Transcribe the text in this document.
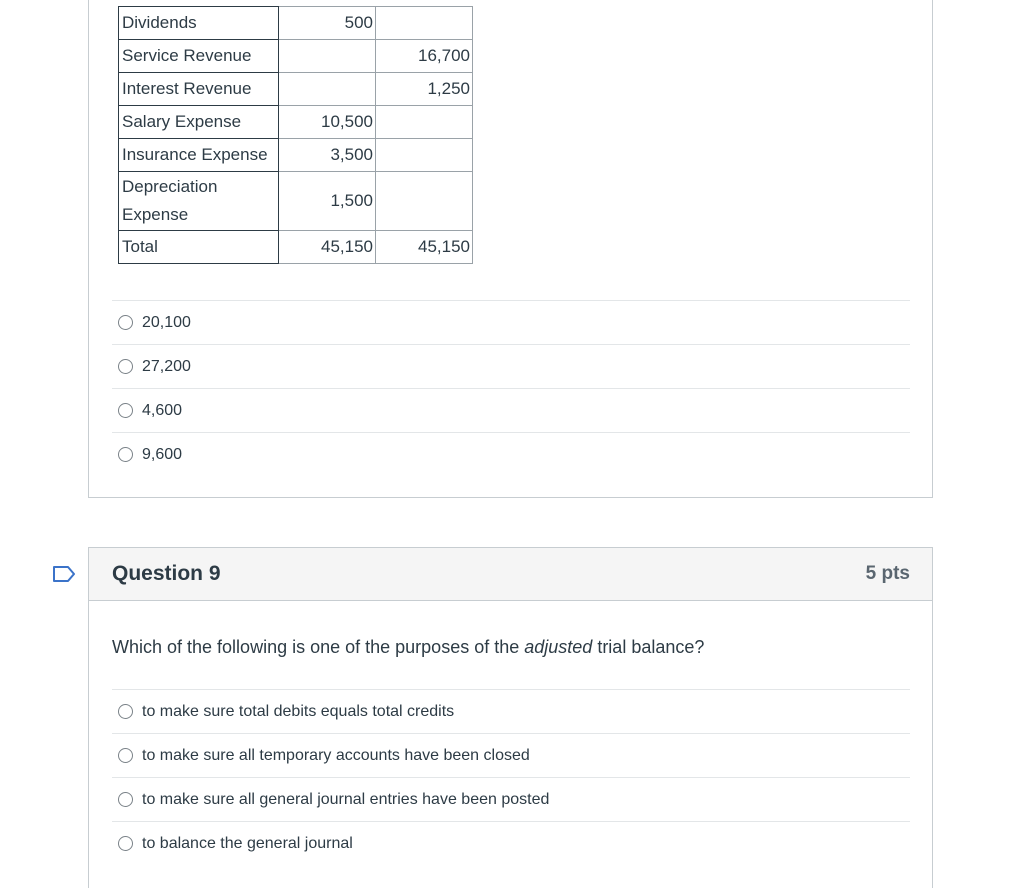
Dividends	500	
Service Revenue		16,700
Interest Revenue		1,250
Salary Expense	10,500	
Insurance Expense	3,500	
Depreciation Expense	1,500	
Total	45,150	45,150
20,100
27,200
4,600
9,600
Question 9	5 pts
Which of the following is one of the purposes of the adjusted trial balance?
to make sure total debits equals total credits
to make sure all temporary accounts have been closed
to make sure all general journal entries have been posted
to balance the general journal
